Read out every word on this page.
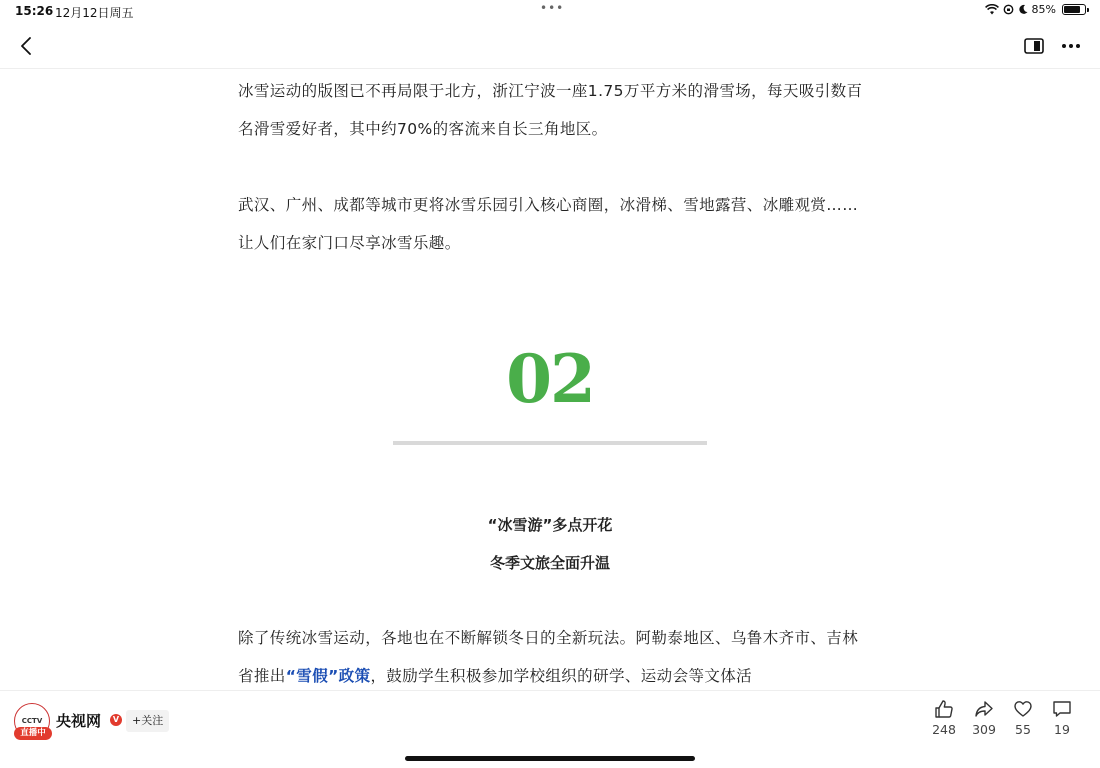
15:26 12月12日周五	•••	85%

冰雪运动的版图已不再局限于北方，浙江宁波一座1.75万平方米的滑雪场，每天吸引数百名滑雪爱好者，其中约70%的客流来自长三角地区。

武汉、广州、成都等城市更将冰雪乐园引入核心商圈，冰滑梯、雪地露营、冰雕观赏……让人们在家门口尽享冰雪乐趣。

02
“冰雪游”多点开花
冬季文旅全面升温

除了传统冰雪运动，各地也在不断解锁冬日的全新玩法。阿勒泰地区、乌鲁木齐市、吉林省推出“雪假”政策，鼓励学生积极参加学校组织的研学、运动会等文体活

CCTV
直播中
央视网	V	+关注
248	309	55	19
